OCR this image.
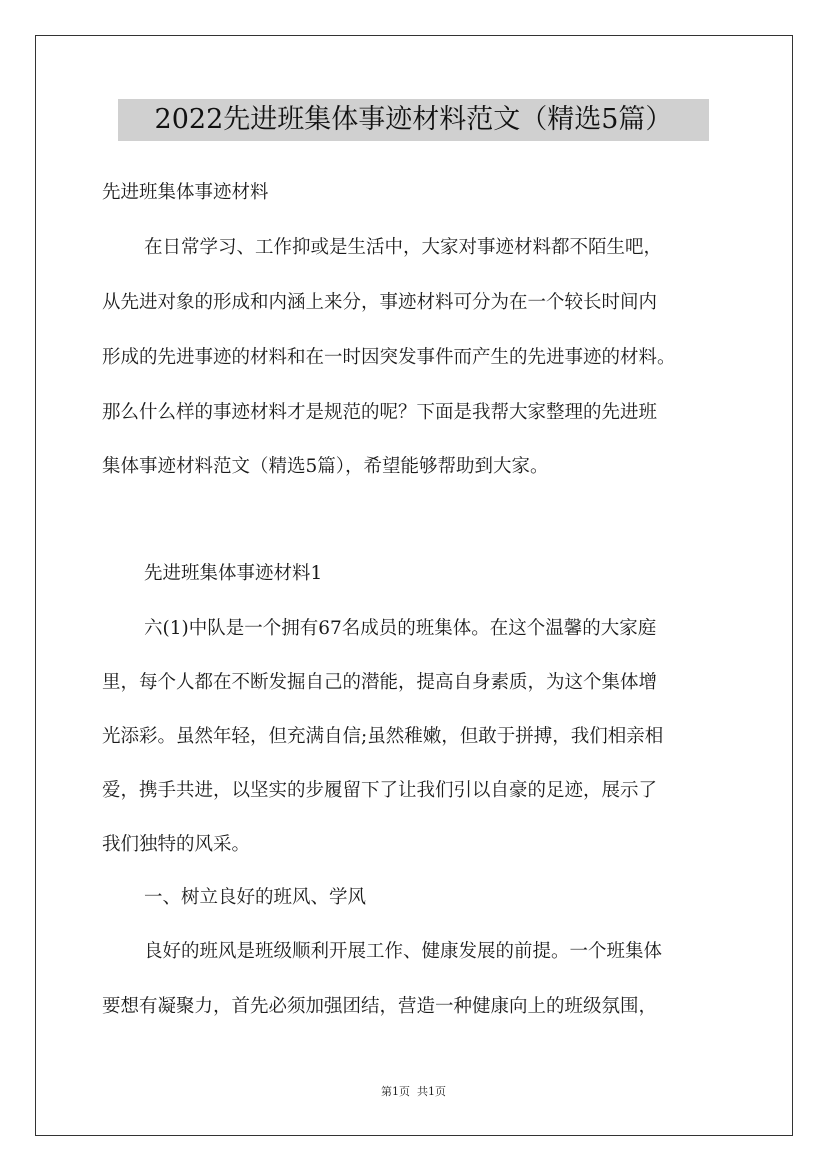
2022先进班集体事迹材料范文（精选5篇）
先进班集体事迹材料
在日常学习、工作抑或是生活中，大家对事迹材料都不陌生吧，
从先进对象的形成和内涵上来分，事迹材料可分为在一个较长时间内
形成的先进事迹的材料和在一时因突发事件而产生的先进事迹的材料。
那么什么样的事迹材料才是规范的呢？下面是我帮大家整理的先进班
集体事迹材料范文（精选5篇），希望能够帮助到大家。
先进班集体事迹材料1
六(1)中队是一个拥有67名成员的班集体。在这个温馨的大家庭
里，每个人都在不断发掘自己的潜能，提高自身素质，为这个集体增
光添彩。虽然年轻，但充满自信;虽然稚嫩，但敢于拼搏，我们相亲相
爱，携手共进，以坚实的步履留下了让我们引以自豪的足迹，展示了
我们独特的风采。
一、树立良好的班风、学风
良好的班风是班级顺利开展工作、健康发展的前提。一个班集体
要想有凝聚力，首先必须加强团结，营造一种健康向上的班级氛围，
第1页  共1页
